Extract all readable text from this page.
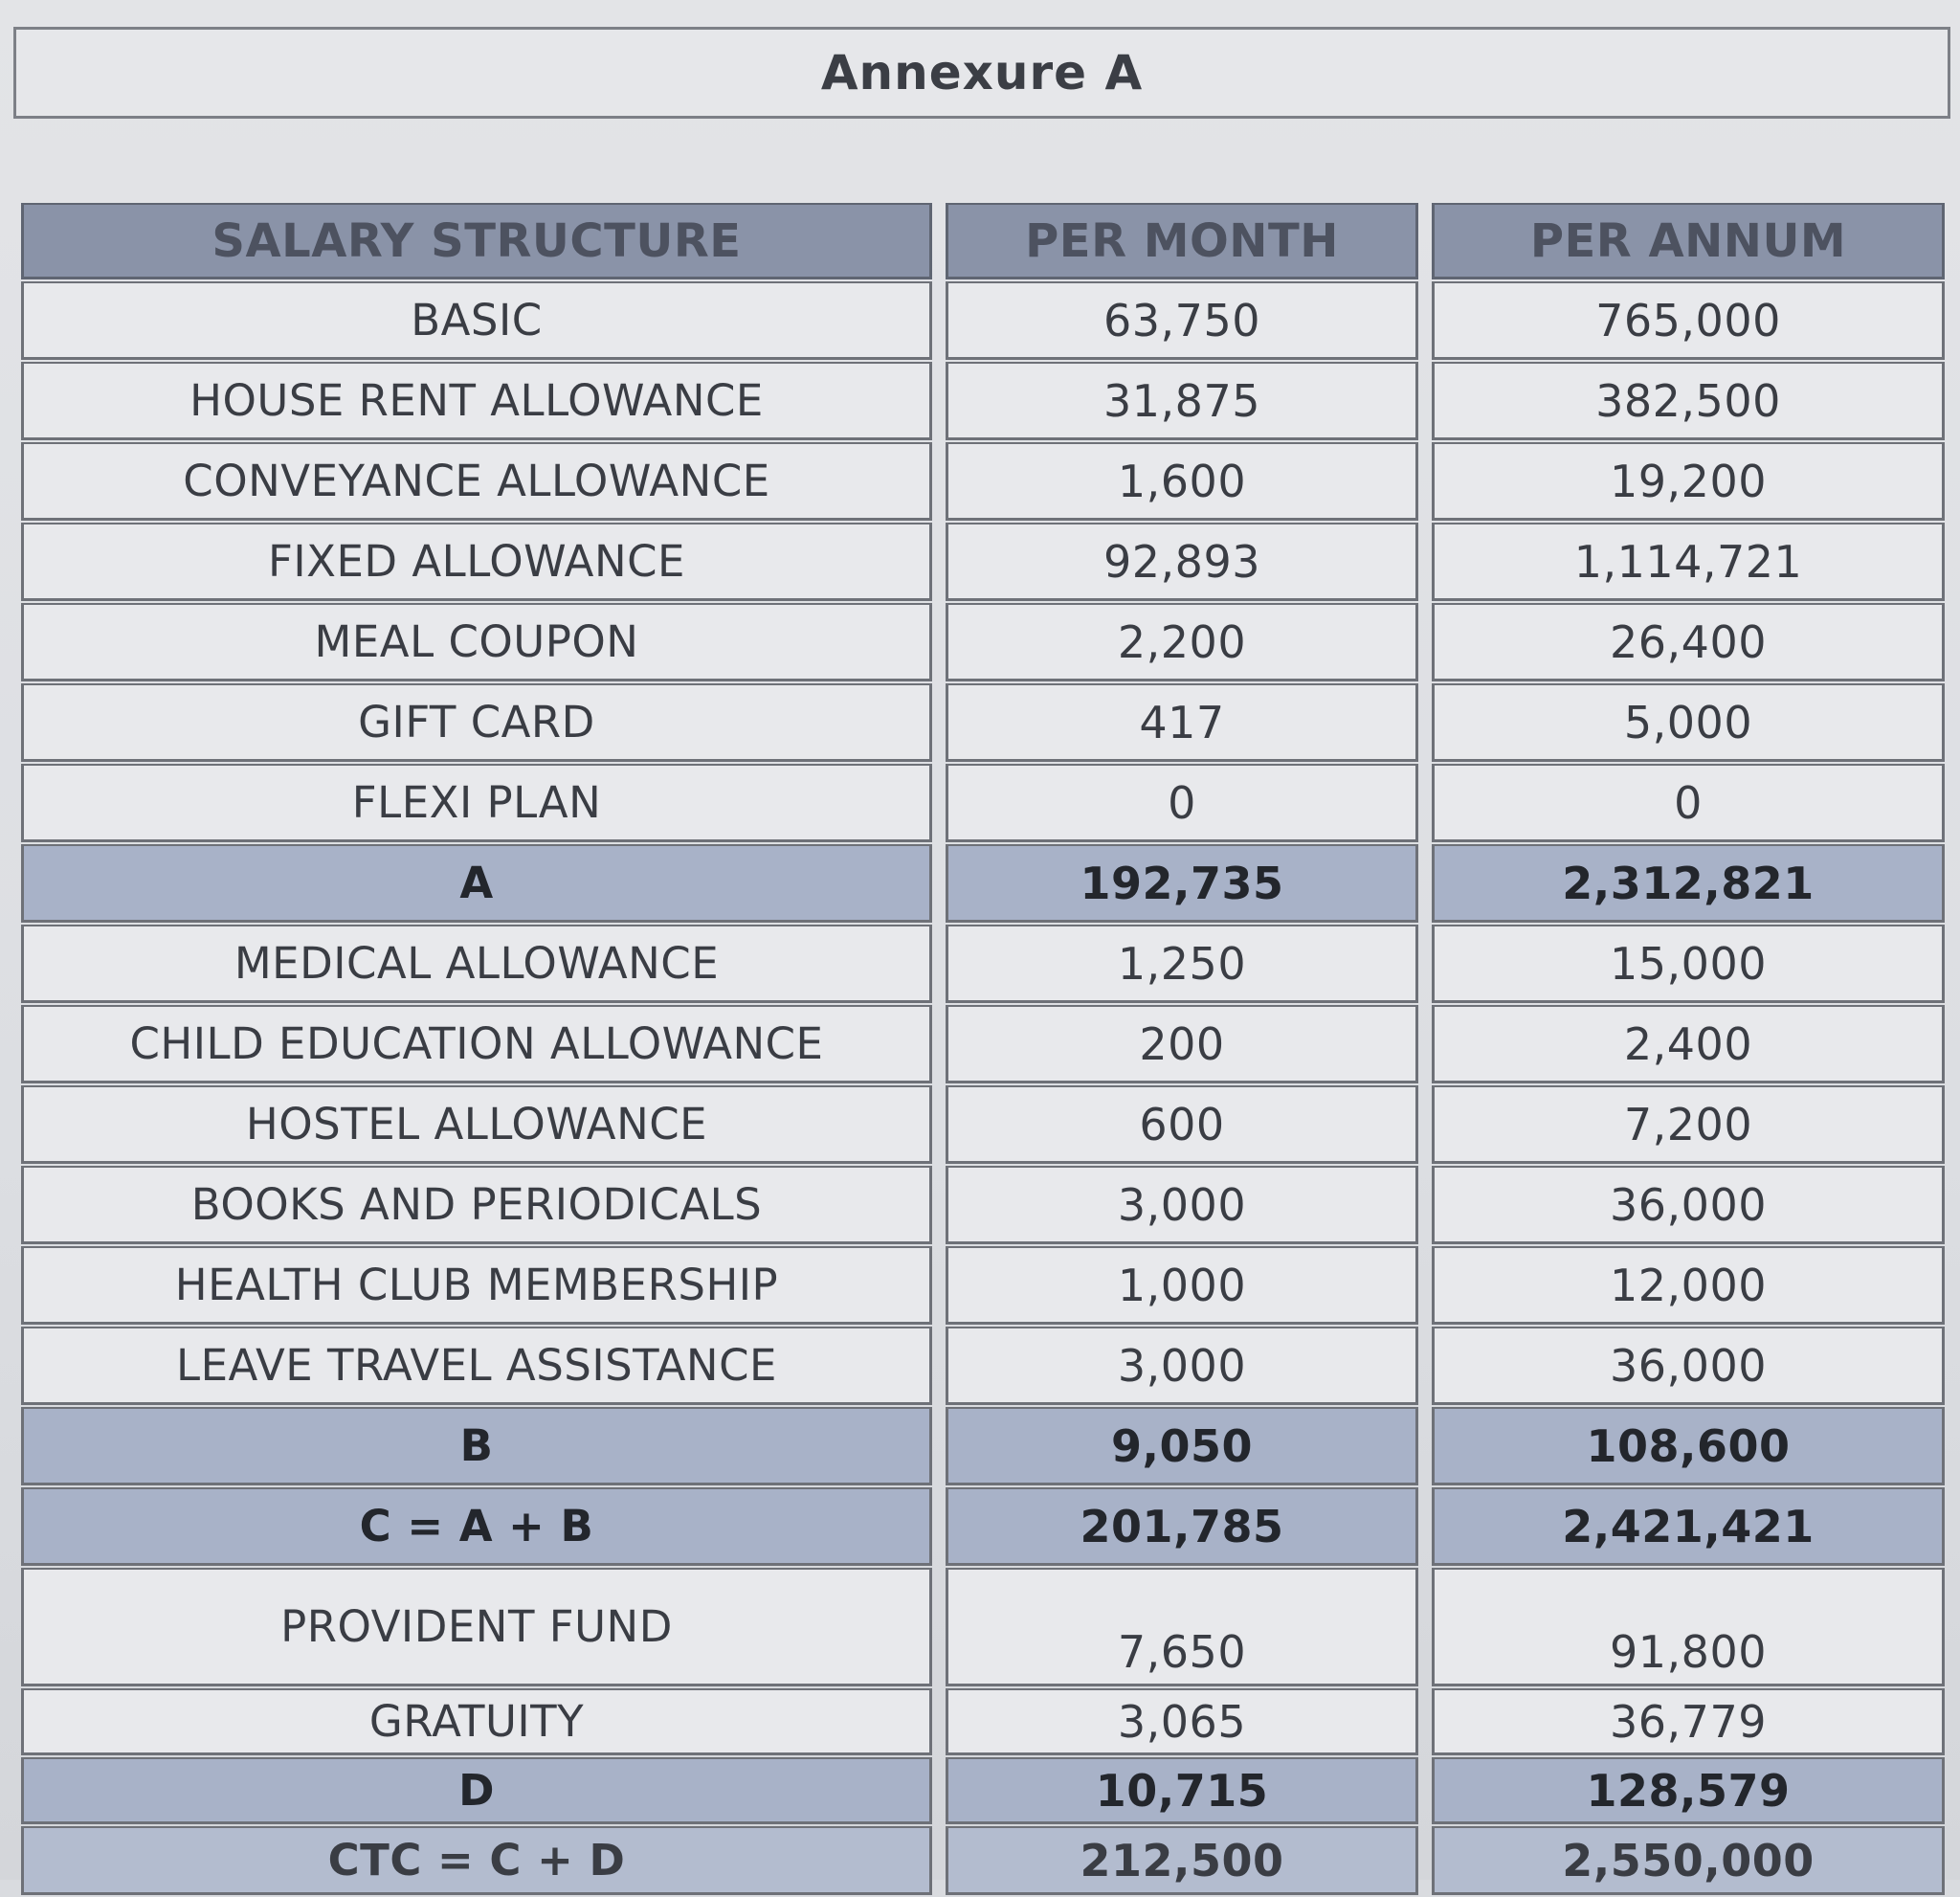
Annexure A
SALARY STRUCTURE	PER MONTH	PER ANNUM
BASIC	63,750	765,000
HOUSE RENT ALLOWANCE	31,875	382,500
CONVEYANCE ALLOWANCE	1,600	19,200
FIXED ALLOWANCE	92,893	1,114,721
MEAL COUPON	2,200	26,400
GIFT CARD	417	5,000
FLEXI PLAN	0	0
A	192,735	2,312,821
MEDICAL ALLOWANCE	1,250	15,000
CHILD EDUCATION ALLOWANCE	200	2,400
HOSTEL ALLOWANCE	600	7,200
BOOKS AND PERIODICALS	3,000	36,000
HEALTH CLUB MEMBERSHIP	1,000	12,000
LEAVE TRAVEL ASSISTANCE	3,000	36,000
B	9,050	108,600
C = A + B	201,785	2,421,421
PROVIDENT FUND	7,650	91,800
GRATUITY	3,065	36,779
D	10,715	128,579
CTC = C + D	212,500	2,550,000
